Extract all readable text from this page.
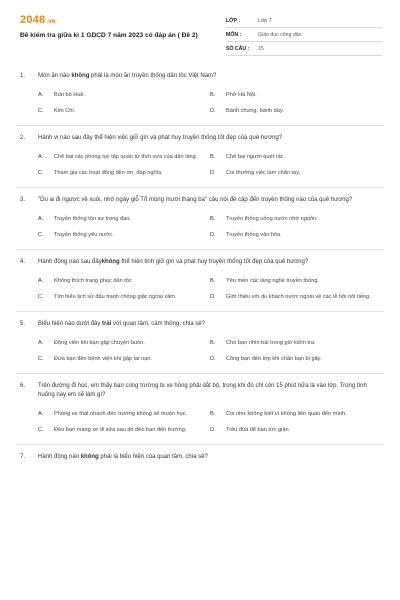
2048.vn
Đề kiểm tra giữa kì 1 GDCD 7 năm 2023 có đáp án ( Đề 2)
LỚP :	Lớp 7
MÔN :	Giáo dục công dân
SỐ CÂU :	15
1.	Món ăn nào không phải là món ăn truyền thống dân tộc Việt Nam?
A.	Bún bò Huế.	B.	Phở Hà Nội.
C.	Kim Chi.	D.	Bánh chưng, bánh dày.
2.	Hành vi nào sau đây thể hiện việc giữ gìn và phát huy truyền thống tốt đẹp của quê hương?
A.	Chê bai các phong tục tập quán từ thời xưa của dân làng. B.	Chê bai người quét rác.
C.	Tham gia các hoạt động đền ơn, đáp nghĩa	D.	Coi thường việc làm chăn tay.
3.	"Dù ai đi ngược về xuôi, nhớ ngày giỗ Tổ mùng mười tháng ba" câu nói đề cập đến truyền thống nào của quê hương?
A.	Truyền thống tôn sư trọng đạo.	B.	Truyền thống uống nước nhớ nguồn.
C.	Truyền thống yêu nước.	D.	Truyền thống văn hóa.
4.	Hành động nào sau đâykhông thể hiện tinh giữ gìn và phát huy truyền thống tốt đẹp của quê hương?
A.	Không thích trang phục dân tộc	B.	Yêu mến các làng nghề truyền thống.
C.	Tìm hiểu lịch sử đấu tranh chống giặc ngoại xâm.	D.	Giới thiệu với du khách nước ngoài về các lễ hội nổi tiếng.
5.	Biểu hiện nào dưới đây trái với quan tâm, cảm thông, chia sẻ?
A.	Động viên khi bạn gặp chuyện buồn.	B.	Cho bạn nhìn bài trong giờ kiểm tra.
C.	Đưa bạn đến bệnh viện khi gặp tai nạn.	D.	Công bạn đến lớp khi chân bạn bị gãy.
6.	Trên đường đi học, em thấy bạn cùng trường bị xe hỏng phải dắt bộ, trong khi đó chỉ còn 15 phút nữa là vào lớp. Trong tình huống này em sẽ làm gì?
A.	Phóng xe thật nhanh đến trường không sẽ muộn học.	B.	Coi như không biết vì không liên quan đến mình.
C.	Đèo bạn mang xe đi sửa sau đó đèo bạn đến trường.	D.	Trêu đùa để bạn tức giận.
7.	Hành động nào không phải là biểu hiện của quan tâm, chia sẻ?
